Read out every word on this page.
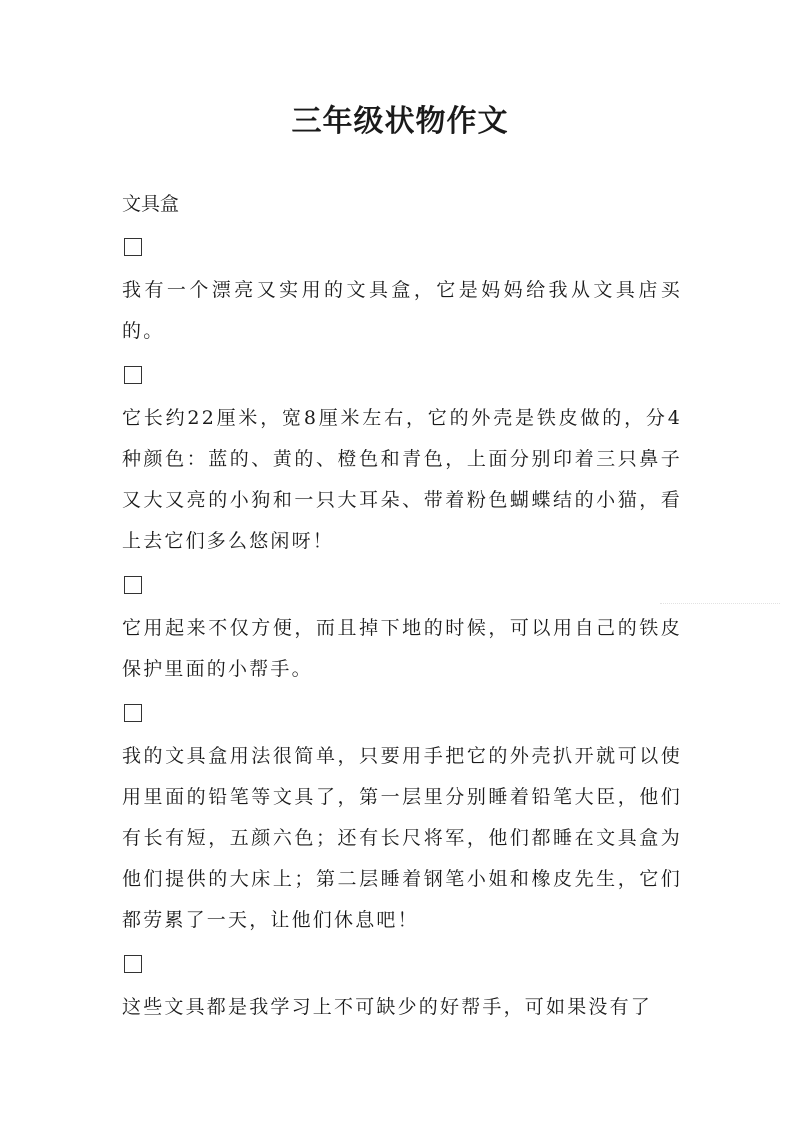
三年级状物作文
文具盒
我有一个漂亮又实用的文具盒，它是妈妈给我从文具店买的。
它长约22厘米，宽8厘米左右，它的外壳是铁皮做的，分4种颜色：蓝的、黄的、橙色和青色，上面分别印着三只鼻子又大又亮的小狗和一只大耳朵、带着粉色蝴蝶结的小猫，看上去它们多么悠闲呀！
它用起来不仅方便，而且掉下地的时候，可以用自己的铁皮保护里面的小帮手。
我的文具盒用法很简单，只要用手把它的外壳扒开就可以使用里面的铅笔等文具了，第一层里分别睡着铅笔大臣，他们有长有短，五颜六色；还有长尺将军，他们都睡在文具盒为他们提供的大床上；第二层睡着钢笔小姐和橡皮先生，它们都劳累了一天，让他们休息吧！
这些文具都是我学习上不可缺少的好帮手，可如果没有了
